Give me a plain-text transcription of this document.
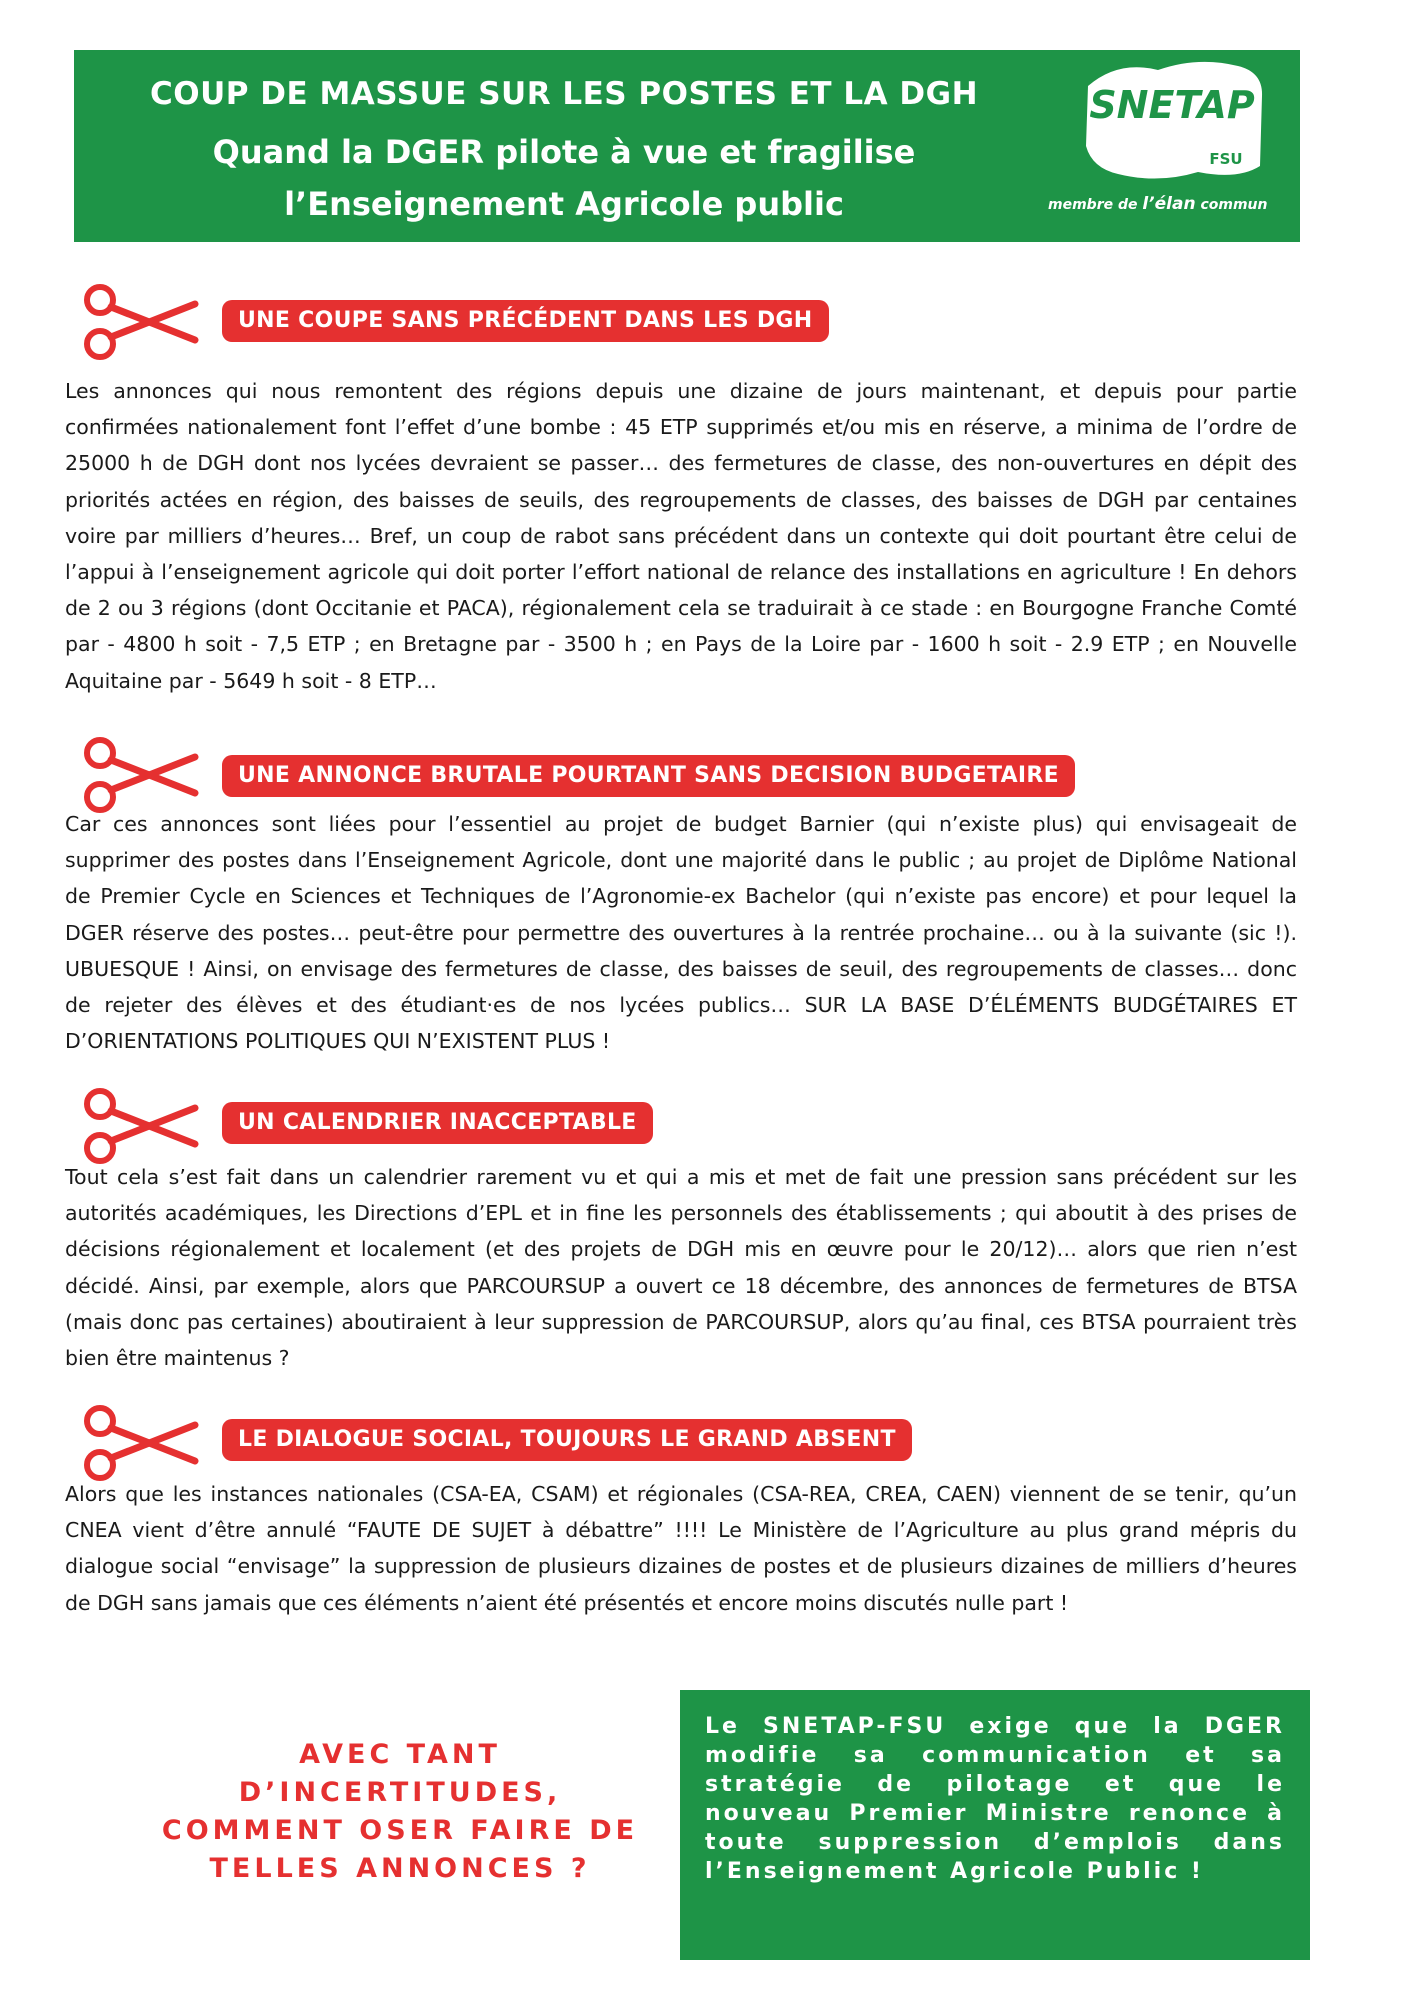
COUP DE MASSUE SUR LES POSTES ET LA DGH
Quand la DGER pilote à vue et fragilise
l’Enseignement Agricole public
SNETAP
FSU
membre de l’élan commun
UNE COUPE SANS PRÉCÉDENT DANS LES DGH
Les annonces qui nous remontent des régions depuis une dizaine de jours maintenant, et depuis pour partie confirmées nationalement font l’effet d’une bombe : 45 ETP supprimés et/ou mis en réserve, a minima de l’ordre de 25000 h de DGH dont nos lycées devraient se passer… des fermetures de classe, des non-ouvertures en dépit des priorités actées en région, des baisses de seuils, des regroupements de classes, des baisses de DGH par centaines voire par milliers d’heures… Bref, un coup de rabot sans précédent dans un contexte qui doit pourtant être celui de l’appui à l’enseignement agricole qui doit porter l’effort national de relance des installations en agriculture ! En dehors de 2 ou 3 régions (dont Occitanie et PACA), régionalement cela se traduirait à ce stade : en Bourgogne Franche Comté par - 4800 h soit - 7,5 ETP ; en Bretagne par - 3500 h ; en Pays de la Loire par - 1600 h soit - 2.9 ETP ; en Nouvelle Aquitaine par - 5649 h soit - 8 ETP…
UNE ANNONCE BRUTALE POURTANT SANS DECISION BUDGETAIRE
Car ces annonces sont liées pour l’essentiel au projet de budget Barnier (qui n’existe plus) qui envisageait de supprimer des postes dans l’Enseignement Agricole, dont une majorité dans le public ; au projet de Diplôme National de Premier Cycle en Sciences et Techniques de l’Agronomie-ex Bachelor (qui n’existe pas encore) et pour lequel la DGER réserve des postes… peut-être pour permettre des ouvertures à la rentrée prochaine… ou à la suivante (sic !). UBUESQUE ! Ainsi, on envisage des fermetures de classe, des baisses de seuil, des regroupements de classes… donc de rejeter des élèves et des étudiant·es de nos lycées publics… SUR LA BASE D’ÉLÉMENTS BUDGÉTAIRES ET D’ORIENTATIONS POLITIQUES QUI N’EXISTENT PLUS !
UN CALENDRIER INACCEPTABLE
Tout cela s’est fait dans un calendrier rarement vu et qui a mis et met de fait une pression sans précédent sur les autorités académiques, les Directions d’EPL et in fine les personnels des établissements ; qui aboutit à des prises de décisions régionalement et localement (et des projets de DGH mis en œuvre pour le 20/12)… alors que rien n’est décidé. Ainsi, par exemple, alors que PARCOURSUP a ouvert ce 18 décembre, des annonces de fermetures de BTSA (mais donc pas certaines) aboutiraient à leur suppression de PARCOURSUP, alors qu’au final, ces BTSA pourraient très bien être maintenus ?
LE DIALOGUE SOCIAL, TOUJOURS LE GRAND ABSENT
Alors que les instances nationales (CSA-EA, CSAM) et régionales (CSA-REA, CREA, CAEN) viennent de se tenir, qu’un CNEA vient d’être annulé “FAUTE DE SUJET à débattre” !!!! Le Ministère de l’Agriculture au plus grand mépris du dialogue social “envisage” la suppression de plusieurs dizaines de postes et de plusieurs dizaines de milliers d’heures de DGH sans jamais que ces éléments n’aient été présentés et encore moins discutés nulle part !
AVEC TANT
D’INCERTITUDES,
COMMENT OSER FAIRE DE
TELLES ANNONCES ?
Le SNETAP-FSU exige que la DGER modifie sa communication et sa stratégie de pilotage et que le nouveau Premier Ministre renonce à toute suppression d’emplois dans l’Enseignement Agricole Public !
